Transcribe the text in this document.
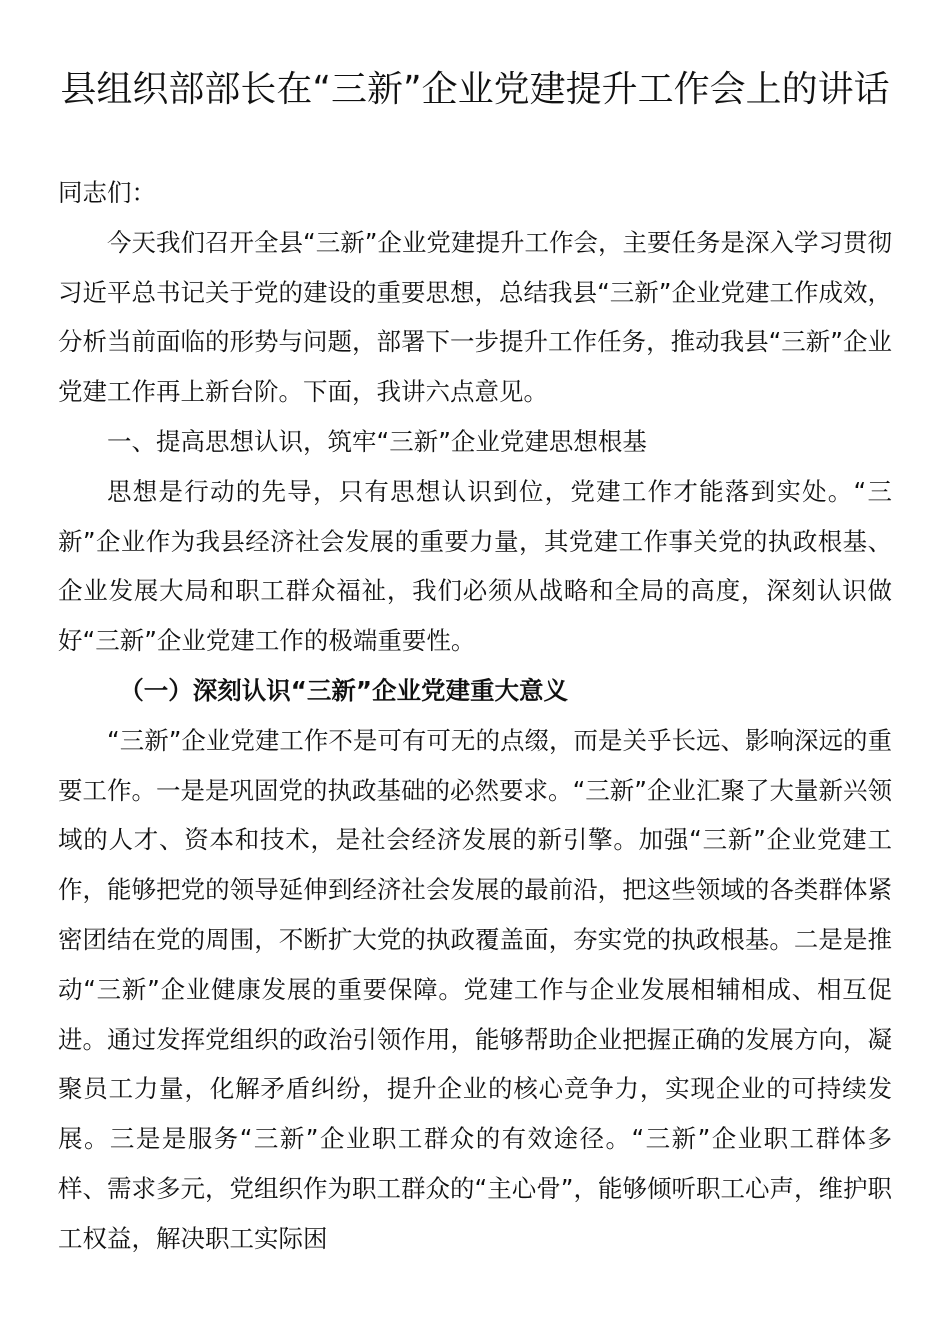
县组织部部长在“三新”企业党建提升工作会上的讲话

同志们：

今天我们召开全县“三新”企业党建提升工作会，主要任务是深入学习贯彻习近平总书记关于党的建设的重要思想，总结我县“三新”企业党建工作成效，分析当前面临的形势与问题，部署下一步提升工作任务，推动我县“三新”企业党建工作再上新台阶。下面，我讲六点意见。

一、提高思想认识，筑牢“三新”企业党建思想根基

思想是行动的先导，只有思想认识到位，党建工作才能落到实处。“三新”企业作为我县经济社会发展的重要力量，其党建工作事关党的执政根基、企业发展大局和职工群众福祉，我们必须从战略和全局的高度，深刻认识做好“三新”企业党建工作的极端重要性。

（一）深刻认识“三新”企业党建重大意义

“三新”企业党建工作不是可有可无的点缀，而是关乎长远、影响深远的重要工作。一是是巩固党的执政基础的必然要求。“三新”企业汇聚了大量新兴领域的人才、资本和技术，是社会经济发展的新引擎。加强“三新”企业党建工作，能够把党的领导延伸到经济社会发展的最前沿，把这些领域的各类群体紧密团结在党的周围，不断扩大党的执政覆盖面，夯实党的执政根基。二是是推动“三新”企业健康发展的重要保障。党建工作与企业发展相辅相成、相互促进。通过发挥党组织的政治引领作用，能够帮助企业把握正确的发展方向，凝聚员工力量，化解矛盾纠纷，提升企业的核心竞争力，实现企业的可持续发展。三是是服务“三新”企业职工群众的有效途径。“三新”企业职工群体多样、需求多元，党组织作为职工群众的“主心骨”，能够倾听职工心声，维护职工权益，解决职工实际困
